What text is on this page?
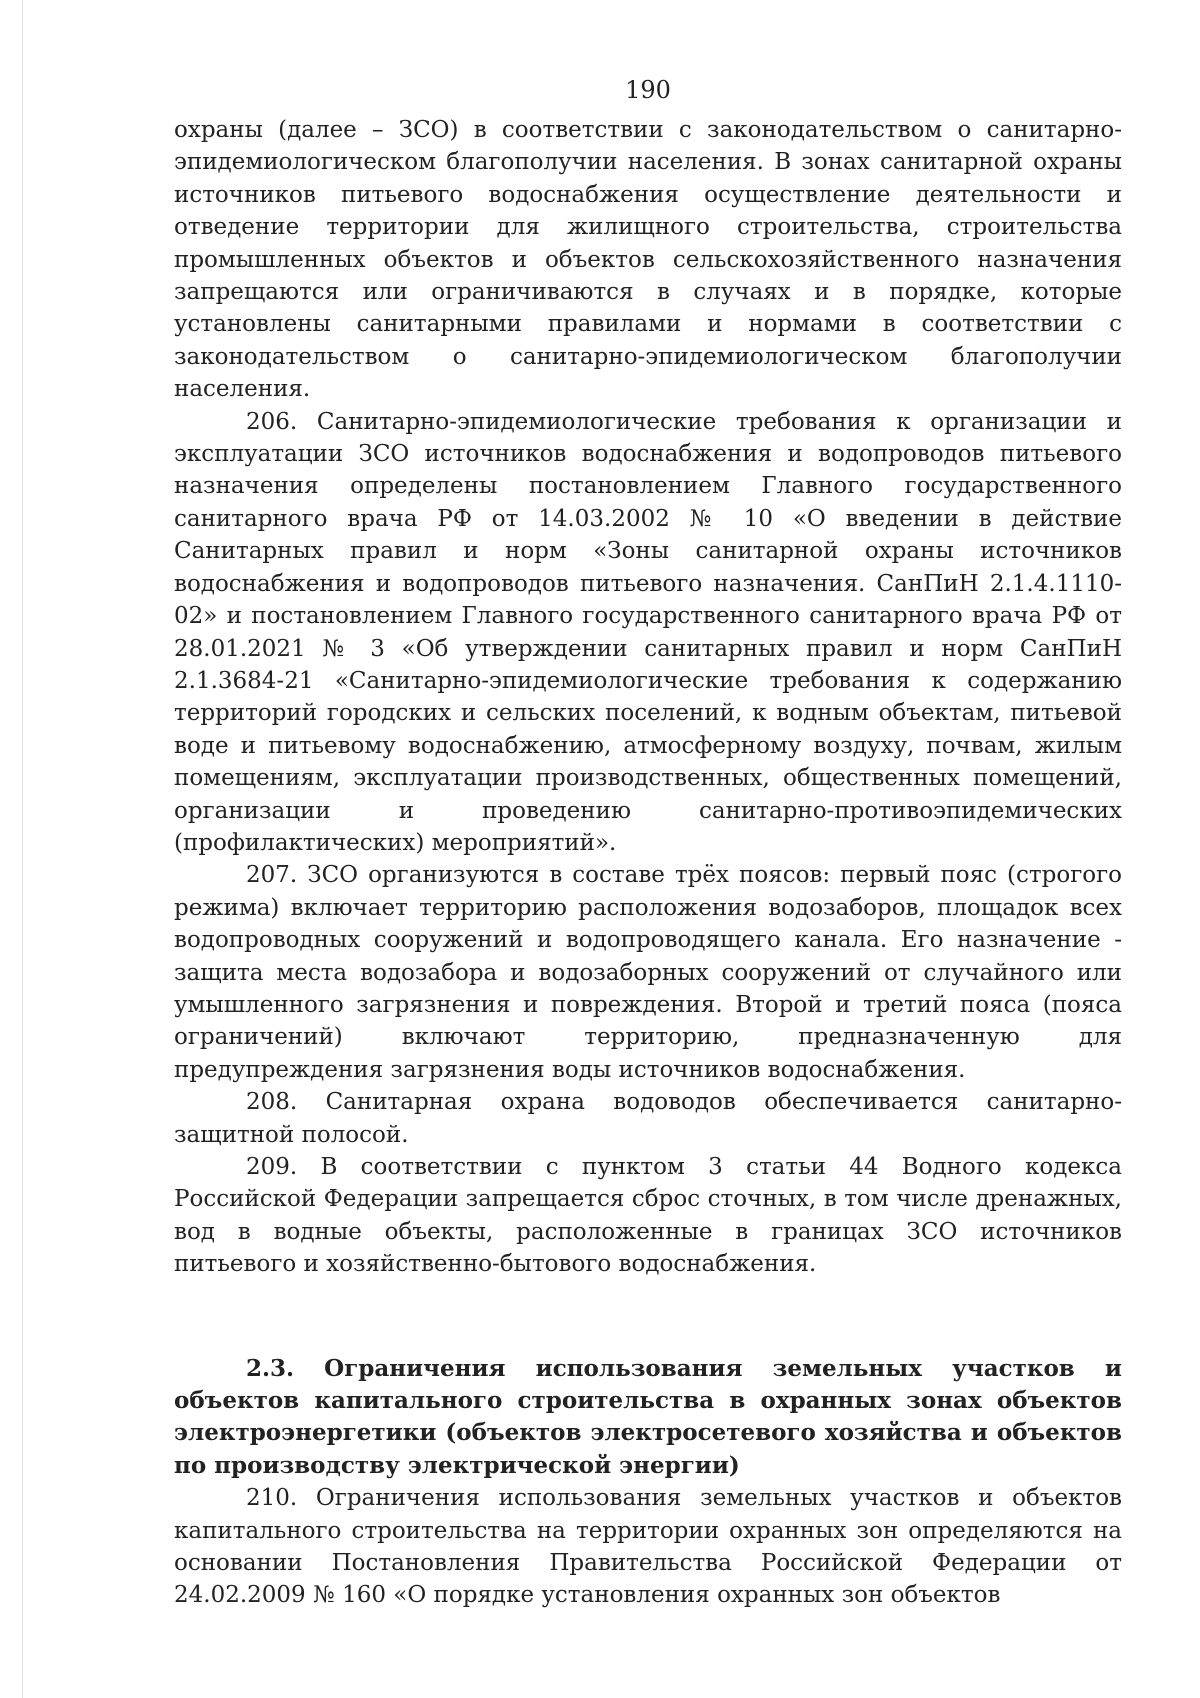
190

охраны (далее – ЗСО) в соответствии с законодательством о санитарно-эпидемиологическом благополучии населения. В зонах санитарной охраны источников питьевого водоснабжения осуществление деятельности и отведение территории для жилищного строительства, строительства промышленных объектов и объектов сельскохозяйственного назначения запрещаются или ограничиваются в случаях и в порядке, которые установлены санитарными правилами и нормами в соответствии с законодательством о санитарно-эпидемиологическом благополучии населения.

206. Санитарно-эпидемиологические требования к организации и эксплуатации ЗСО источников водоснабжения и водопроводов питьевого назначения определены постановлением Главного государственного санитарного врача РФ от 14.03.2002 № 10 «О введении в действие Санитарных правил и норм «Зоны санитарной охраны источников водоснабжения и водопроводов питьевого назначения. СанПиН 2.1.4.1110-02» и постановлением Главного государственного санитарного врача РФ от 28.01.2021 № 3 «Об утверждении санитарных правил и норм СанПиН 2.1.3684-21 «Санитарно-эпидемиологические требования к содержанию территорий городских и сельских поселений, к водным объектам, питьевой воде и питьевому водоснабжению, атмосферному воздуху, почвам, жилым помещениям, эксплуатации производственных, общественных помещений, организации и проведению санитарно-противоэпидемических (профилактических) мероприятий».

207. ЗСО организуются в составе трёх поясов: первый пояс (строгого режима) включает территорию расположения водозаборов, площадок всех водопроводных сооружений и водопроводящего канала. Его назначение - защита места водозабора и водозаборных сооружений от случайного или умышленного загрязнения и повреждения. Второй и третий пояса (пояса ограничений) включают территорию, предназначенную для предупреждения загрязнения воды источников водоснабжения.

208. Санитарная охрана водоводов обеспечивается санитарно-защитной полосой.

209. В соответствии с пунктом 3 статьи 44 Водного кодекса Российской Федерации запрещается сброс сточных, в том числе дренажных, вод в водные объекты, расположенные в границах ЗСО источников питьевого и хозяйственно-бытового водоснабжения.

2.3. Ограничения использования земельных участков и объектов капитального строительства в охранных зонах объектов электроэнергетики (объектов электросетевого хозяйства и объектов по производству электрической энергии)

210. Ограничения использования земельных участков и объектов капитального строительства на территории охранных зон определяются на основании Постановления Правительства Российской Федерации от 24.02.2009 № 160 «О порядке установления охранных зон объектов
